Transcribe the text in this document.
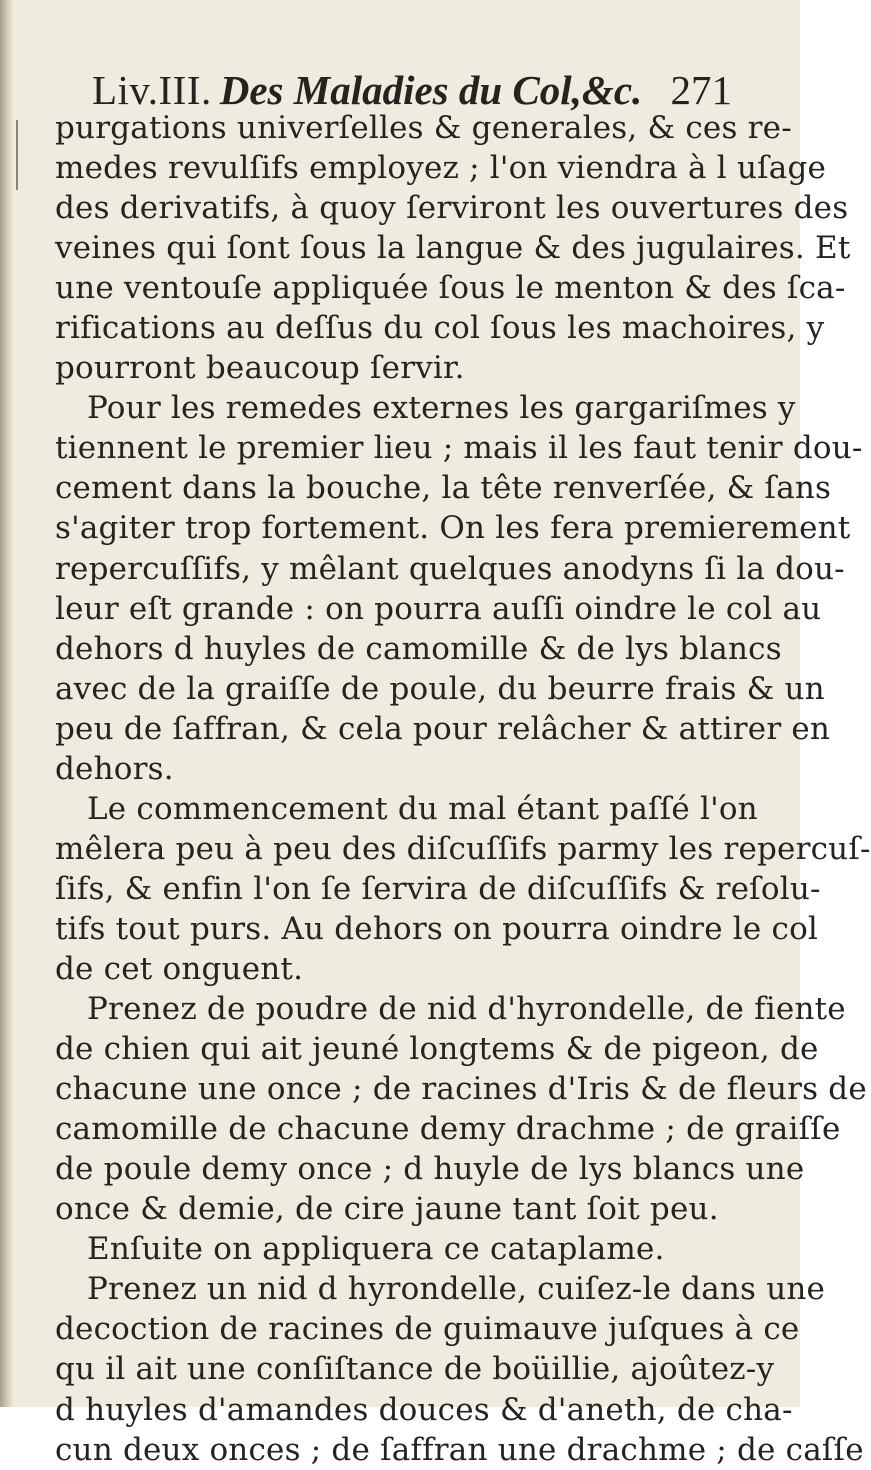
Liv.III. Des Maladies du Col,&c. 271
purgations univerſelles & generales, & ces re-
medes revulſifs employez ; l'on viendra à l uſage
des derivatifs, à quoy ſerviront les ouvertures des
veines qui ſont ſous la langue & des jugulaires. Et
une ventouſe appliquée ſous le menton & des ſca-
rifications au deſſus du col ſous les machoires, y
pourront beaucoup ſervir.
Pour les remedes externes les gargariſmes y
tiennent le premier lieu ; mais il les faut tenir dou-
cement dans la bouche, la tête renverſée, & ſans
s'agiter trop fortement. On les fera premierement
repercuſſifs, y mêlant quelques anodyns ſi la dou-
leur eſt grande : on pourra auſſi oindre le col au
dehors d huyles de camomille & de lys blancs
avec de la graiſſe de poule, du beurre frais & un
peu de ſaffran, & cela pour relâcher & attirer en
dehors.
Le commencement du mal étant paſſé l'on
mêlera peu à peu des diſcuſſifs parmy les repercuſ-
ſifs, & enfin l'on ſe ſervira de diſcuſſifs & reſolu-
tifs tout purs. Au dehors on pourra oindre le col
de cet onguent.
Prenez de poudre de nid d'hyrondelle, de fiente
de chien qui ait jeuné longtems & de pigeon, de
chacune une once ; de racines d'Iris & de fleurs de
camomille de chacune demy drachme ; de graiſſe
de poule demy once ; d huyle de lys blancs une
once & demie, de cire jaune tant ſoit peu.
Enſuite on appliquera ce cataplame.
Prenez un nid d hyrondelle, cuiſez-le dans une
decoction de racines de guimauve juſques à ce
qu il ait une conſiſtance de boüillie, ajoûtez-y
d huyles d'amandes douces & d'aneth, de cha-
cun deux onces ; de ſaffran une drachme ; de caſſe
